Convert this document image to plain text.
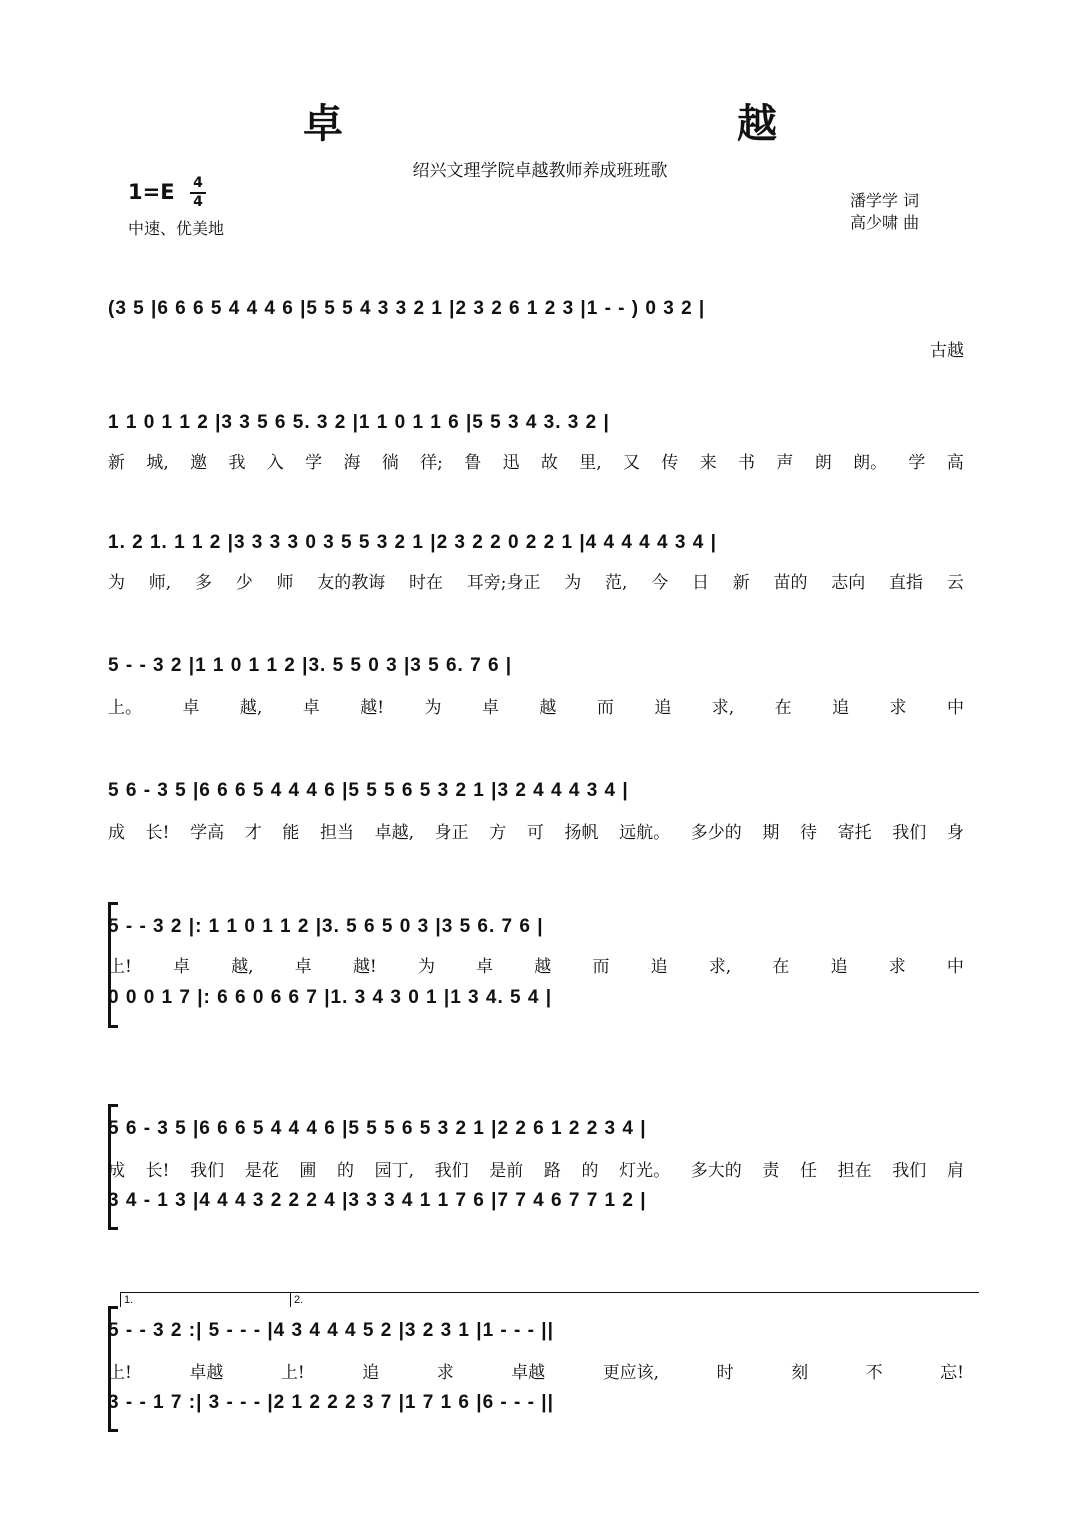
卓 越
绍兴文理学院卓越教师养成班班歌
1=E 4
4
中速、优美地
潘学学 词
高少啸 曲
(3 5 |6 6 6 5 4 4 4 6 |5 5 5 4 3 3 2 1 |2 3 2 6 1 2 3 |1 - - ) 0 3 2 |
古越
1 1 0 1 1 2 |3 3 5 6 5. 3 2 |1 1 0 1 1 6 |5 5 3 4 3. 3 2 |
新 城, 邀 我 入 学 海 徜 徉; 鲁 迅 故 里, 又 传 来 书 声 朗 朗。 学 高
1. 2 1. 1 1 2 |3 3 3 3 0 3 5 5 3 2 1 |2 3 2 2 0 2 2 1 |4 4 4 4 4 3 4 |
为 师, 多 少 师 友的教诲 时在 耳旁;身正 为 范, 今 日 新 苗的 志向 直指 云
5 - - 3 2 |1 1 0 1 1 2 |3. 5 5 0 3 |3 5 6. 7 6 |
上。 卓 越, 卓 越! 为 卓 越 而 追 求, 在 追 求 中
5 6 - 3 5 |6 6 6 5 4 4 4 6 |5 5 5 6 5 3 2 1 |3 2 4 4 4 3 4 |
成 长! 学高 才 能 担当 卓越, 身正 方 可 扬帆 远航。 多少的 期 待 寄托 我们 身
5 - - 3 2 |: 1 1 0 1 1 2 |3. 5 6 5 0 3 |3 5 6. 7 6 |
上! 卓 越, 卓 越! 为 卓 越 而 追 求, 在 追 求 中
0 0 0 1 7 |: 6 6 0 6 6 7 |1. 3 4 3 0 1 |1 3 4. 5 4 |
5 6 - 3 5 |6 6 6 5 4 4 4 6 |5 5 5 6 5 3 2 1 |2 2 6 1 2 2 3 4 |
成 长! 我们 是花 圃 的 园丁, 我们 是前 路 的 灯光。 多大的 责 任 担在 我们 肩
3 4 - 1 3 |4 4 4 3 2 2 2 4 |3 3 3 4 1 1 7 6 |7 7 4 6 7 7 1 2 |
1.	2.
5 - - 3 2 :| 5 - - - |4 3 4 4 4 5 2 |3 2 3 1 |1 - - - ||
上!	卓越	上!	追	求	卓越	更应该,	时	刻	不	忘!
3 - - 1 7 :| 3 - - - |2 1 2 2 2 3 7 |1 7 1 6 |6 - - - ||
